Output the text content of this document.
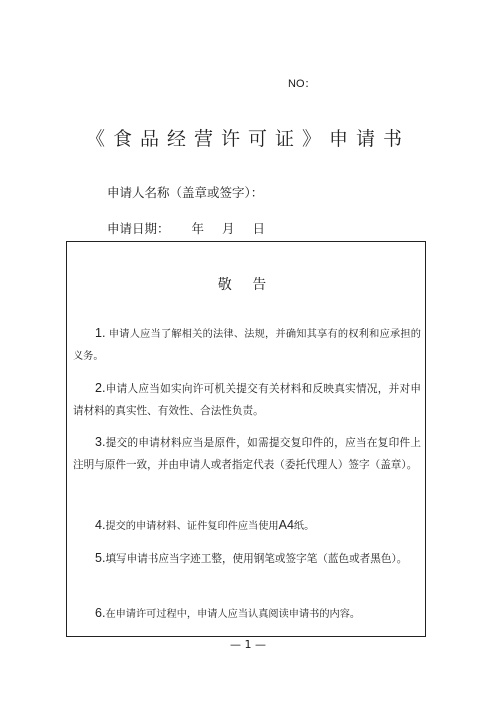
NO：
《食品经营许可证》申请书
申请人名称（盖章或签字）：
申请日期： 年 月 日
敬 告
1. 申请人应当了解相关的法律、法规，并确知其享有的权利和应承担的义务。
2.申请人应当如实向许可机关提交有关材料和反映真实情况，并对申请材料的真实性、有效性、合法性负责。
3.提交的申请材料应当是原件，如需提交复印件的，应当在复印件上注明与原件一致，并由申请人或者指定代表（委托代理人）签字（盖章）。
4.提交的申请材料、证件复印件应当使用A4纸。
5.填写申请书应当字迹工整，使用钢笔或签字笔（蓝色或者黑色）。
6.在申请许可过程中，申请人应当认真阅读申请书的内容。
— 1 —
